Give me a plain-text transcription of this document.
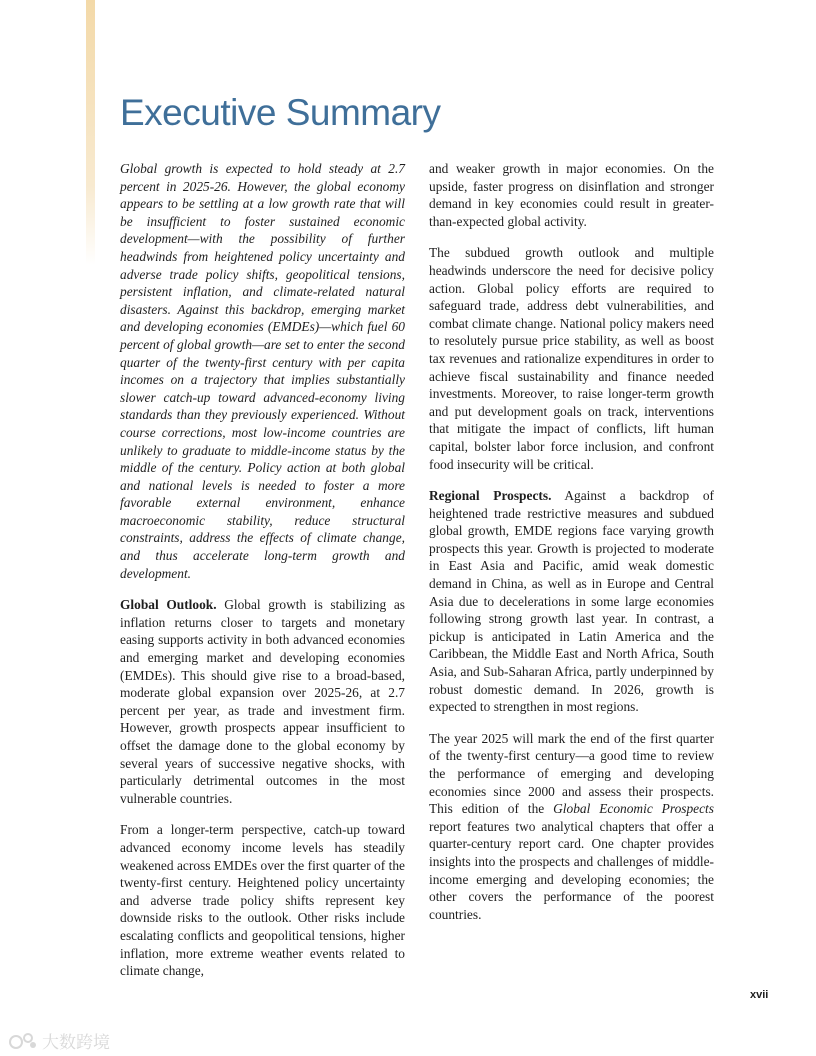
Executive Summary

Global growth is expected to hold steady at 2.7 percent in 2025-26. However, the global economy appears to be settling at a low growth rate that will be insufficient to foster sustained economic development—with the possibility of further headwinds from heightened policy uncertainty and adverse trade policy shifts, geopolitical tensions, persistent inflation, and climate-related natural disasters. Against this backdrop, emerging market and developing economies (EMDEs)—which fuel 60 percent of global growth—are set to enter the second quarter of the twenty-first century with per capita incomes on a trajectory that implies substantially slower catch-up toward advanced-economy living standards than they previously experienced. Without course corrections, most low-income countries are unlikely to graduate to middle-income status by the middle of the century. Policy action at both global and national levels is needed to foster a more favorable external environment, enhance macroeconomic stability, reduce structural constraints, address the effects of climate change, and thus accelerate long-term growth and development.

Global Outlook. Global growth is stabilizing as inflation returns closer to targets and monetary easing supports activity in both advanced economies and emerging market and developing economies (EMDEs). This should give rise to a broad-based, moderate global expansion over 2025-26, at 2.7 percent per year, as trade and investment firm. However, growth prospects appear insufficient to offset the damage done to the global economy by several years of successive negative shocks, with particularly detrimental outcomes in the most vulnerable countries.

From a longer-term perspective, catch-up toward advanced economy income levels has steadily weakened across EMDEs over the first quarter of the twenty-first century. Heightened policy uncertainty and adverse trade policy shifts represent key downside risks to the outlook. Other risks include escalating conflicts and geopolitical tensions, higher inflation, more extreme weather events related to climate change,

and weaker growth in major economies. On the upside, faster progress on disinflation and stronger demand in key economies could result in greater-than-expected global activity.

The subdued growth outlook and multiple headwinds underscore the need for decisive policy action. Global policy efforts are required to safeguard trade, address debt vulnerabilities, and combat climate change. National policy makers need to resolutely pursue price stability, as well as boost tax revenues and rationalize expenditures in order to achieve fiscal sustainability and finance needed investments. Moreover, to raise longer-term growth and put development goals on track, interventions that mitigate the impact of conflicts, lift human capital, bolster labor force inclusion, and confront food insecurity will be critical.

Regional Prospects. Against a backdrop of heightened trade restrictive measures and subdued global growth, EMDE regions face varying growth prospects this year. Growth is projected to moderate in East Asia and Pacific, amid weak domestic demand in China, as well as in Europe and Central Asia due to decelerations in some large economies following strong growth last year. In contrast, a pickup is anticipated in Latin America and the Caribbean, the Middle East and North Africa, South Asia, and Sub-Saharan Africa, partly underpinned by robust domestic demand. In 2026, growth is expected to strengthen in most regions.

The year 2025 will mark the end of the first quarter of the twenty-first century—a good time to review the performance of emerging and developing economies since 2000 and assess their prospects. This edition of the Global Economic Prospects report features two analytical chapters that offer a quarter-century report card. One chapter provides insights into the prospects and challenges of middle-income emerging and developing economies; the other covers the performance of the poorest countries.

xvii
大数跨境
